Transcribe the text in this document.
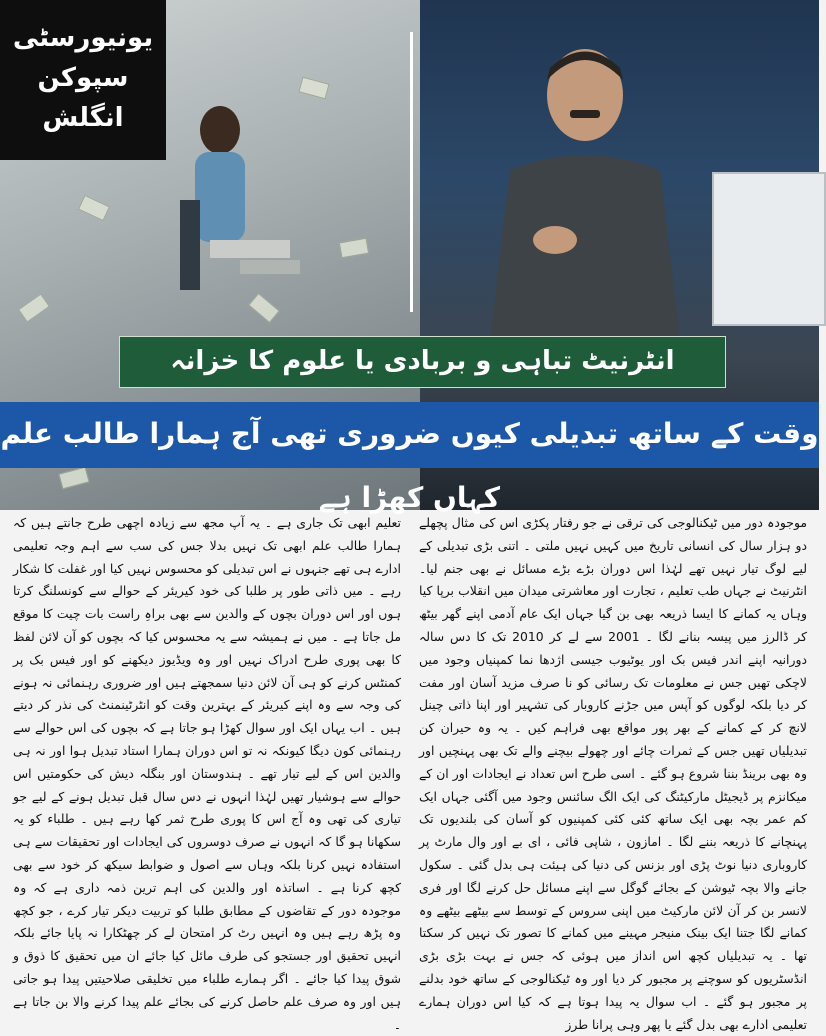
یونیورسٹی
سپوکن
انگلش
انٹرنیٹ تباہی و بربادی یا علوم کا خزانہ
وقت کے ساتھ تبدیلی کیوں ضروری تھی آج ہمارا طالب علم کہاں کھڑا ہے
موجودہ دور میں ٹیکنالوجی کی ترقی نے جو رفتار پکڑی اس کی مثال پچھلے دو ہزار سال کی انسانی تاریخ میں کہیں نہیں ملتی ۔ اتنی بڑی تبدیلی کے لیے لوگ تیار نہیں تھے لہٰذا اس دوران بڑے بڑے مسائل نے بھی جنم لیا۔ انٹرنیٹ نے جہاں طب تعلیم ، تجارت اور معاشرتی میدان میں انقلاب برپا کیا وہاں یہ کمانے کا ایسا ذریعہ بھی بن گیا جہاں ایک عام آدمی اپنے گھر بیٹھ کر ڈالرز میں پیسہ بنانے لگا ۔ 2001 سے لے کر 2010 تک کا دس سالہ دورانیہ اپنے اندر فیس بک اور یوٹیوب جیسی اژدھا نما کمپنیاں وجود میں لاچکی تھیں جس نے معلومات تک رسائی کو نا صرف مزید آسان اور مفت کر دیا بلکہ لوگوں کو آپس میں جڑنے کاروبار کی تشہیر اور اپنا ذاتی چینل لانچ کر کے کمانے کے بھر پور مواقع بھی فراہم کیں ۔ یہ وہ حیران کن تبدیلیاں تھیں جس کے ثمرات چائے اور چھولے بیچنے والے تک بھی پہنچیں اور وہ بھی برینڈ بننا شروع ہو گئے ۔ اسی طرح اس تعداد نے ایجادات اور ان کے میکانزم پر ڈیجیٹل مارکیٹنگ کی ایک الگ سائنس وجود میں آگئی جہاں ایک کم عمر بچہ بھی ایک ساتھ کئی کئی کمپنیوں کو آسان کی بلندیوں تک پہنچانے کا ذریعہ بننے لگا ۔ امازون ، شاپی فائی ، ای بے اور وال مارٹ پر کاروباری دنیا نوٹ پڑی اور بزنس کی دنیا کی ہیئت ہی بدل گئی ۔ سکول جانے والا بچہ ٹیوشن کے بجائے گوگل سے اپنے مسائل حل کرنے لگا اور فری لانسر بن کر آن لائن مارکیٹ میں اپنی سروس کے توسط سے بیٹھے بیٹھے وہ کمانے لگا جتنا ایک بینک منیجر مہینے میں کمانے کا تصور تک نہیں کر سکتا تھا ۔ یہ تبدیلیاں کچھ اس انداز میں ہوئی کہ جس نے بہت بڑی بڑی انڈسٹریوں کو سوچنے پر مجبور کر دیا اور وہ ٹیکنالوجی کے ساتھ خود بدلنے پر مجبور ہو گئے ۔ اب سوال یہ پیدا ہوتا ہے کہ کیا اس دوران ہمارے تعلیمی ادارے بھی بدل گئے یا پھر وہی پرانا طرز
تعلیم ابھی تک جاری ہے ۔ یہ آپ مجھ سے زیادہ اچھی طرح جانتے ہیں کہ ہمارا طالب علم ابھی تک نہیں بدلا جس کی سب سے اہم وجہ تعلیمی ادارے ہی تھے جنہوں نے اس تبدیلی کو محسوس نہیں کیا اور غفلت کا شکار رہے ۔ میں ذاتی طور پر طلبا کی خود کیریئر کے حوالے سے کونسلنگ کرتا ہوں اور اس دوران بچوں کے والدین سے بھی براہِ راست بات چیت کا موقع مل جاتا ہے ۔ میں نے ہمیشہ سے یہ محسوس کیا کہ بچوں کو آن لائن لفظ کا بھی پوری طرح ادراک نہیں اور وہ ویڈیوز دیکھنے کو اور فیس بک پر کمنٹس کرنے کو ہی آن لائن دنیا سمجھتے ہیں اور ضروری رہنمائی نہ ہونے کی وجہ سے وہ اپنے کیریئر کے بہترین وقت کو انٹرٹینمنٹ کی نذر کر دیتے ہیں ۔ اب یہاں ایک اور سوال کھڑا ہو جاتا ہے کہ بچوں کی اس حوالے سے رہنمائی کون دیگا کیونکہ نہ تو اس دوران ہمارا استاد تبدیل ہوا اور نہ ہی والدین اس کے لیے تیار تھے ۔ ہندوستان اور بنگلہ دیش کی حکومتیں اس حوالے سے ہوشیار تھیں لہٰذا انہوں نے دس سال قبل تبدیل ہونے کے لیے جو تیاری کی تھی وہ آج اس کا پوری طرح ثمر کھا رہے ہیں ۔ طلباء کو یہ سکھانا ہو گا کہ انہوں نے صرف دوسروں کی ایجادات اور تحقیقات سے ہی استفادہ نہیں کرنا بلکہ وہاں سے اصول و ضوابط سیکھ کر خود سے بھی کچھ کرنا ہے ۔ اساتذہ اور والدین کی اہم ترین ذمہ داری ہے کہ وہ موجودہ دور کے تقاضوں کے مطابق طلبا کو تربیت دیکر تیار کرے ، جو کچھ وہ پڑھ رہے ہیں وہ انہیں رٹ کر امتحان لے کر چھٹکارا نہ پایا جائے بلکہ انہیں تحقیق اور جستجو کی طرف مائل کیا جائے ان میں تحقیق کا ذوق و شوق پیدا کیا جائے ۔ اگر ہمارے طلباء میں تخلیقی صلاحیتیں پیدا ہو جاتی ہیں اور وہ صرف علم حاصل کرنے کی بجائے علم پیدا کرنے والا بن جاتا ہے ۔
